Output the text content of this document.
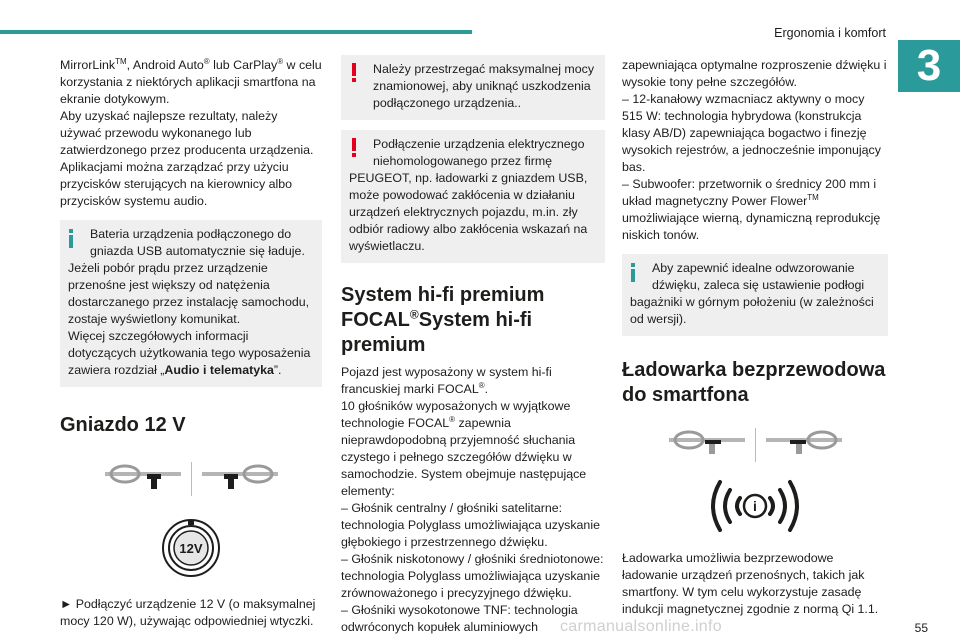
Ergonomia i komfort
3

MirrorLink™, Android Auto® lub CarPlay® w celu korzystania z niektórych aplikacji smartfona na ekranie dotykowym.

Aby uzyskać najlepsze rezultaty, należy używać przewodu wykonanego lub zatwierdzonego przez producenta urządzenia.

Aplikacjami można zarządzać przy użyciu przycisków sterujących na kierownicy albo przycisków systemu audio.

Bateria urządzenia podłączonego do gniazda USB automatycznie się ładuje.

Jeżeli pobór prądu przez urządzenie przenośne jest większy od natężenia dostarczanego przez instalację samochodu, zostaje wyświetlony komunikat.

Więcej szczegółowych informacji dotyczących użytkowania tego wyposażenia zawiera rozdział „Audio i telematyka”.

Gniazdo 12 V
12V

► Podłączyć urządzenie 12 V (o maksymalnej mocy 120 W), używając odpowiedniej wtyczki.

Należy przestrzegać maksymalnej mocy znamionowej, aby uniknąć uszkodzenia podłączonego urządzenia..

Podłączenie urządzenia elektrycznego niehomologowanego przez firmę

PEUGEOT, np. ładowarki z gniazdem USB, może powodować zakłócenia w działaniu urządzeń elektrycznych pojazdu, m.in. zły odbiór radiowy albo zakłócenia wskazań na wyświetlaczu.

System hi-fi premium FOCAL®System hi-fi premium

Pojazd jest wyposażony w system hi-fi francuskiej marki FOCAL®.

10 głośników wyposażonych w wyjątkowe technologie FOCAL® zapewnia nieprawdopodobną przyjemność słuchania czystego i pełnego szczegółów dźwięku w samochodzie. System obejmuje następujące elementy:

– Głośnik centralny / głośniki satelitarne: technologia Polyglass umożliwiająca uzyskanie głębokiego i przestrzennego dźwięku.

– Głośnik niskotonowy / głośniki średniotonowe: technologia Polyglass umożliwiająca uzyskanie zrównoważonego i precyzyjnego dźwięku.

– Głośniki wysokotonowe TNF: technologia odwróconych kopułek aluminiowych

zapewniająca optymalne rozproszenie dźwięku i wysokie tony pełne szczegółów.

– 12-kanałowy wzmacniacz aktywny o mocy 515 W: technologia hybrydowa (konstrukcja klasy AB/D) zapewniająca bogactwo i finezję wysokich rejestrów, a jednocześnie imponujący bas.

– Subwoofer: przetwornik o średnicy 200 mm i układ magnetyczny Power Flower™ umożliwiające wierną, dynamiczną reprodukcję niskich tonów.

Aby zapewnić idealne odwzorowanie dźwięku, zaleca się ustawienie podłogi

bagażniki w górnym położeniu (w zależności od wersji).

Ładowarka bezprzewodowa do smartfona
i

Ładowarka umożliwia bezprzewodowe ładowanie urządzeń przenośnych, takich jak smartfony. W tym celu wykorzystuje zasadę indukcji magnetycznej zgodnie z normą Qi 1.1.

carmanualsonline.info	55
